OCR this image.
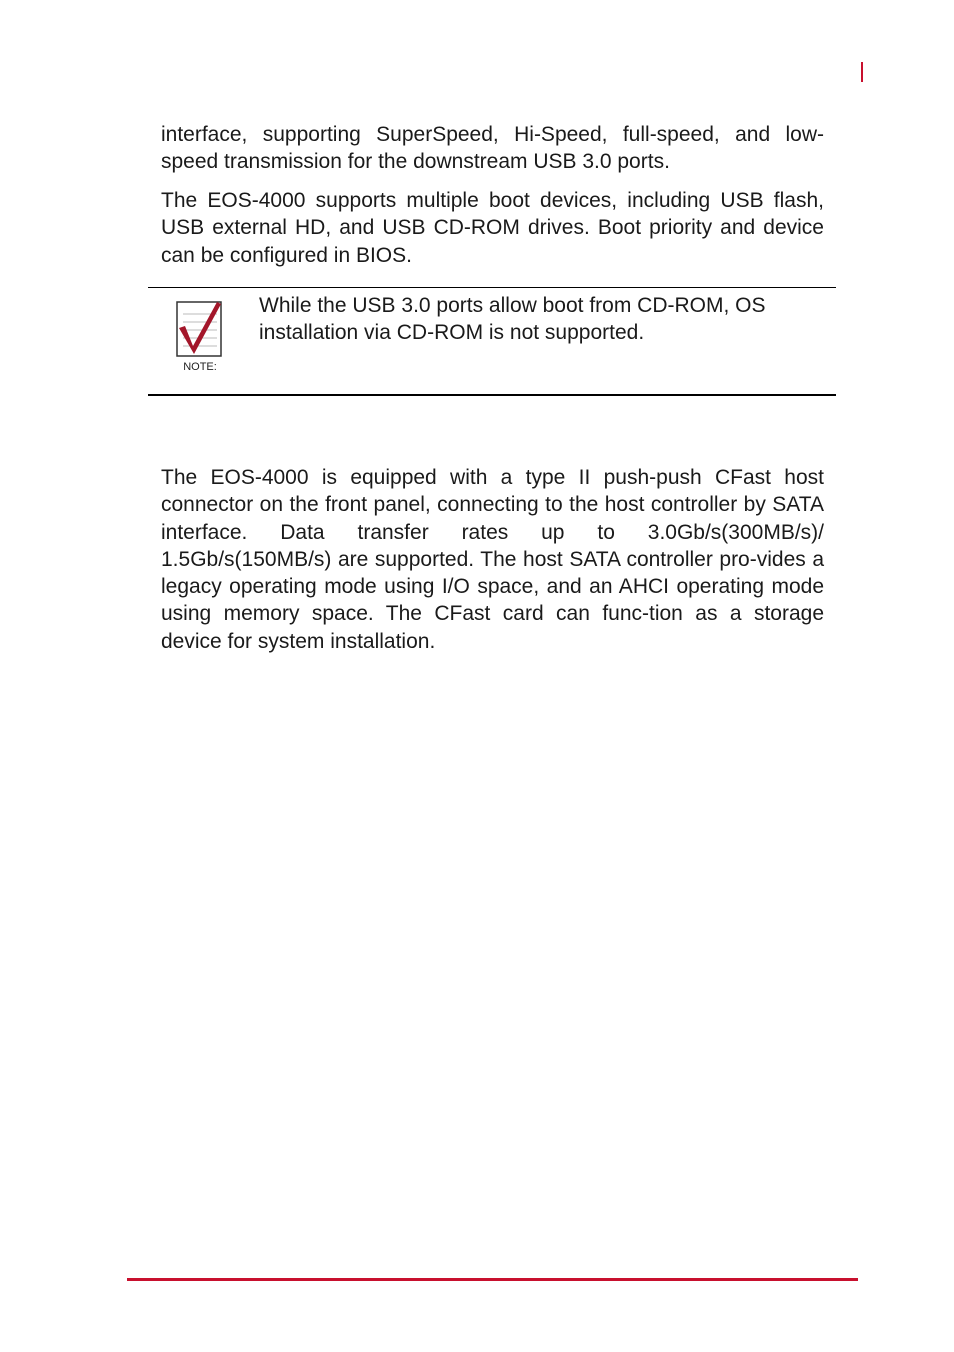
interface, supporting SuperSpeed, Hi-Speed, full-speed, and low-speed transmission for the downstream USB 3.0 ports.

The EOS-4000 supports multiple boot devices, including USB flash, USB external HD, and USB CD-ROM drives. Boot priority and device can be configured in BIOS.

NOTE:

While the USB 3.0 ports allow boot from CD-ROM, OS installation via CD-ROM is not supported.

The EOS-4000 is equipped with a type II push-push CFast host connector on the front panel, connecting to the host controller by SATA interface. Data transfer rates up to 3.0Gb/s(300MB/s)/ 1.5Gb/s(150MB/s) are supported. The host SATA controller pro-vides a legacy operating mode using I/O space, and an AHCI operating mode using memory space. The CFast card can func-tion as a storage device for system installation.
